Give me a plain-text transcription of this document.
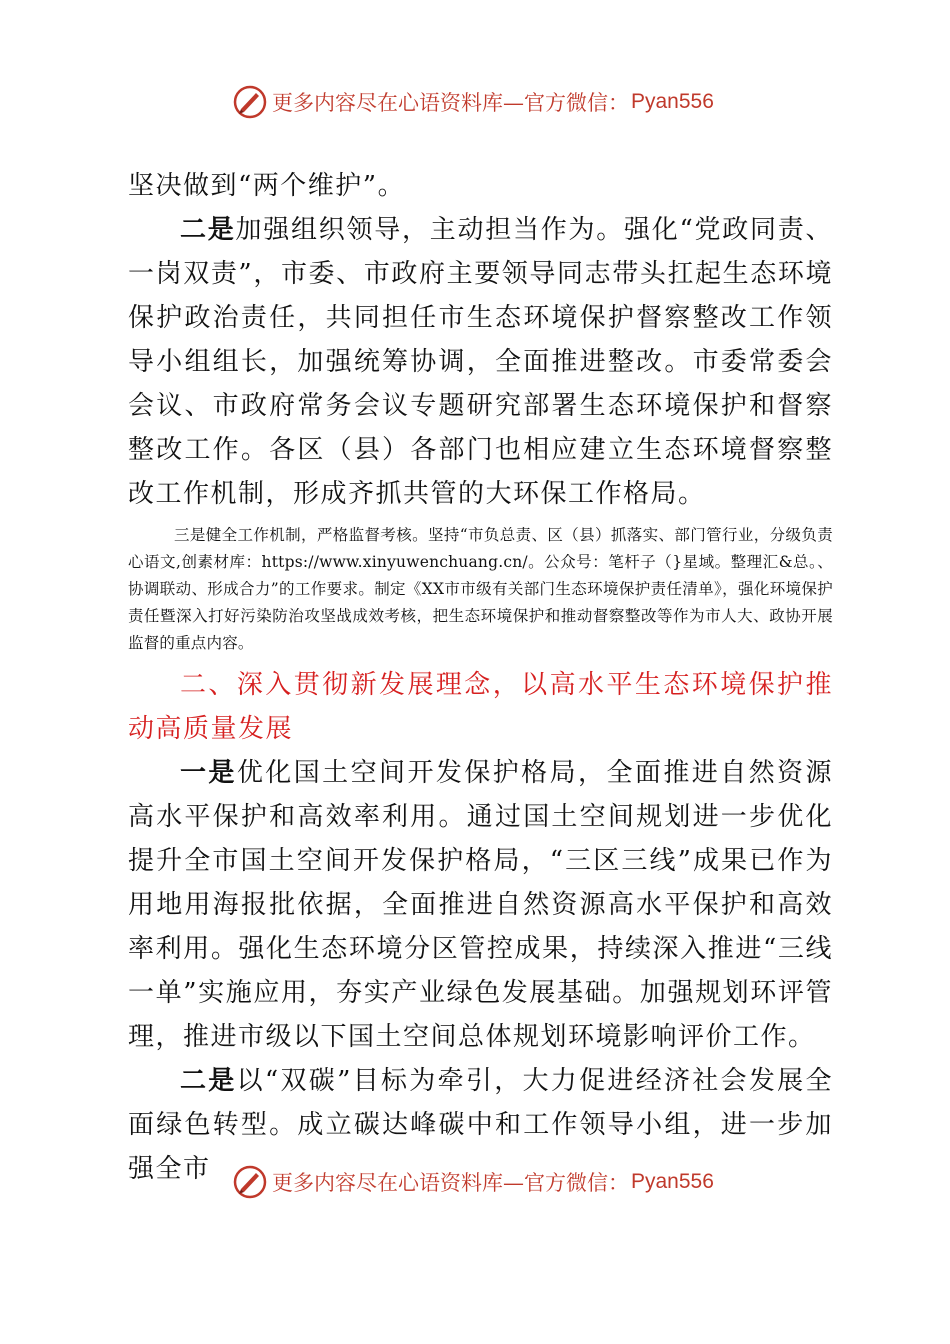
更多内容尽在心语资料库—官方微信： Pyan556

坚决做到“两个维护”。

二是加强组织领导，主动担当作为。强化“党政同责、一岗双责”，市委、市政府主要领导同志带头扛起生态环境保护政治责任，共同担任市生态环境保护督察整改工作领导小组组长，加强统筹协调，全面推进整改。市委常委会会议、市政府常务会议专题研究部署生态环境保护和督察整改工作。各区（县）各部门也相应建立生态环境督察整改工作机制，形成齐抓共管的大环保工作格局。

三是健全工作机制，严格监督考核。坚持“市负总责、区（县）抓落实、部门管行业，分级负责心语文,创素材库：https://www.xinyuwenchuang.cn/。公众号：笔杆子（}星域。整理汇&总。、协调联动、形成合力”的工作要求。制定《XX市市级有关部门生态环境保护责任清单》，强化环境保护责任暨深入打好污染防治攻坚战成效考核，把生态环境保护和推动督察整改等作为市人大、政协开展监督的重点内容。

二、深入贯彻新发展理念，以高水平生态环境保护推动高质量发展

一是优化国土空间开发保护格局，全面推进自然资源高水平保护和高效率利用。通过国土空间规划进一步优化提升全市国土空间开发保护格局，“三区三线”成果已作为用地用海报批依据，全面推进自然资源高水平保护和高效率利用。强化生态环境分区管控成果，持续深入推进“三线一单”实施应用，夯实产业绿色发展基础。加强规划环评管理，推进市级以下国土空间总体规划环境影响评价工作。

二是以“双碳”目标为牵引，大力促进经济社会发展全面绿色转型。成立碳达峰碳中和工作领导小组，进一步加强全市	更多内容尽在心语资料库—官方微信： Pyan556
